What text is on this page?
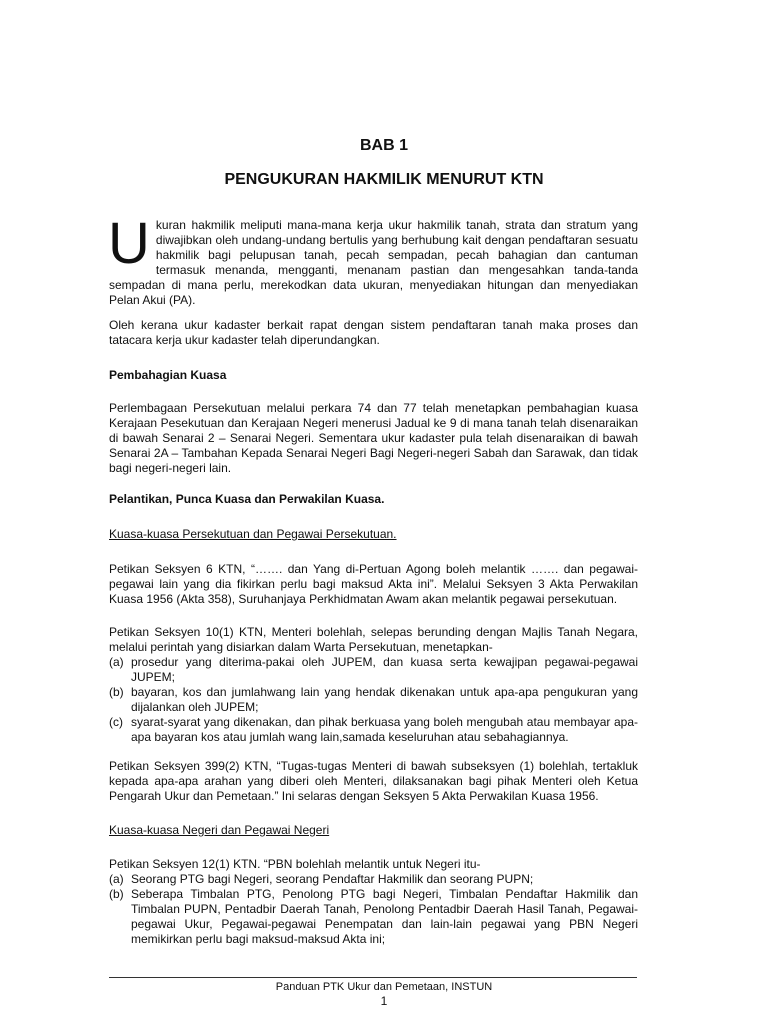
BAB 1
PENGUKURAN HAKMILIK MENURUT KTN

Ukuran hakmilik meliputi mana-mana kerja ukur hakmilik tanah, strata dan stratum yang diwajibkan oleh undang-undang bertulis yang berhubung kait dengan pendaftaran sesuatu hakmilik bagi pelupusan tanah, pecah sempadan, pecah bahagian dan cantuman termasuk menanda, mengganti, menanam pastian dan mengesahkan tanda-tanda sempadan di mana perlu, merekodkan data ukuran, menyediakan hitungan dan menyediakan Pelan Akui (PA).

Oleh kerana ukur kadaster berkait rapat dengan sistem pendaftaran tanah maka proses dan tatacara kerja ukur kadaster telah diperundangkan.

Pembahagian Kuasa

Perlembagaan Persekutuan melalui perkara 74 dan 77 telah menetapkan pembahagian kuasa Kerajaan Pesekutuan dan Kerajaan Negeri menerusi Jadual ke 9 di mana tanah telah disenaraikan di bawah Senarai 2 – Senarai Negeri. Sementara ukur kadaster pula telah disenaraikan di bawah Senarai 2A – Tambahan Kepada Senarai Negeri Bagi Negeri-negeri Sabah dan Sarawak, dan tidak bagi negeri-negeri lain.

Pelantikan, Punca Kuasa dan Perwakilan Kuasa.

Kuasa-kuasa Persekutuan dan Pegawai Persekutuan.

Petikan Seksyen 6 KTN, “……. dan Yang di-Pertuan Agong boleh melantik ……. dan pegawai-pegawai lain yang dia fikirkan perlu bagi maksud Akta ini”. Melalui Seksyen 3 Akta Perwakilan Kuasa 1956 (Akta 358), Suruhanjaya Perkhidmatan Awam akan melantik pegawai persekutuan.

Petikan Seksyen 10(1) KTN, Menteri bolehlah, selepas berunding dengan Majlis Tanah Negara, melalui perintah yang disiarkan dalam Warta Persekutuan, menetapkan-

(a) prosedur yang diterima-pakai oleh JUPEM, dan kuasa serta kewajipan pegawai-pegawai JUPEM;
(b) bayaran, kos dan jumlahwang lain yang hendak dikenakan untuk apa-apa pengukuran yang dijalankan oleh JUPEM;
(c) syarat-syarat yang dikenakan, dan pihak berkuasa yang boleh mengubah atau membayar apa-apa bayaran kos atau jumlah wang lain,samada keseluruhan atau sebahagiannya.

Petikan Seksyen 399(2) KTN, “Tugas-tugas Menteri di bawah subseksyen (1) bolehlah, tertakluk kepada apa-apa arahan yang diberi oleh Menteri, dilaksanakan bagi pihak Menteri oleh Ketua Pengarah Ukur dan Pemetaan.” Ini selaras dengan Seksyen 5 Akta Perwakilan Kuasa 1956.

Kuasa-kuasa Negeri dan Pegawai Negeri

Petikan Seksyen 12(1) KTN. “PBN bolehlah melantik untuk Negeri itu-

(a) Seorang PTG bagi Negeri, seorang Pendaftar Hakmilik dan seorang PUPN;
(b) Seberapa Timbalan PTG, Penolong PTG bagi Negeri, Timbalan Pendaftar Hakmilik dan Timbalan PUPN, Pentadbir Daerah Tanah, Penolong Pentadbir Daerah Hasil Tanah, Pegawai-pegawai Ukur, Pegawai-pegawai Penempatan dan lain-lain pegawai yang PBN Negeri memikirkan perlu bagi maksud-maksud Akta ini;

Panduan PTK Ukur dan Pemetaan, INSTUN

1
